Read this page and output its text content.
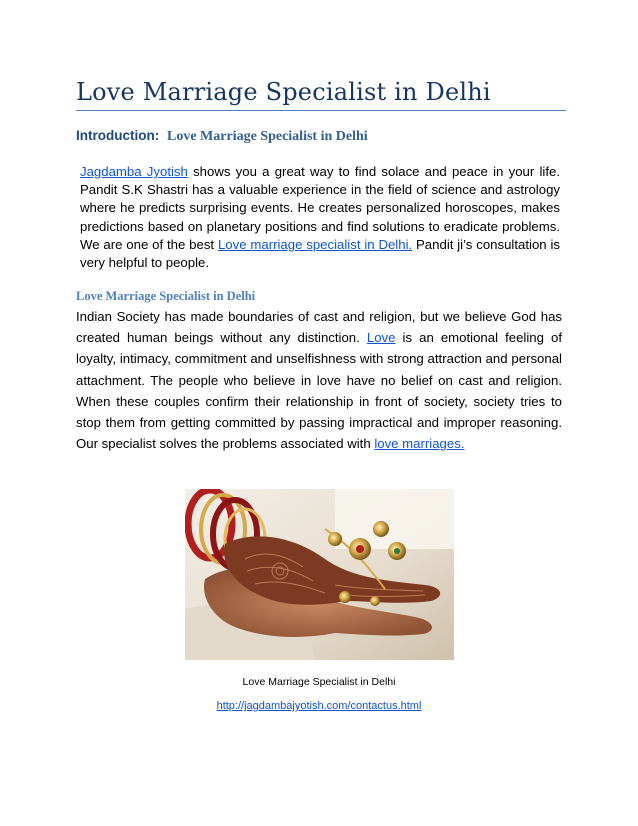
Love Marriage Specialist in Delhi
Introduction: Love Marriage Specialist in Delhi
Jagdamba Jyotish shows you a great way to find solace and peace in your life. Pandit S.K Shastri has a valuable experience in the field of science and astrology where he predicts surprising events. He creates personalized horoscopes, makes predictions based on planetary positions and find solutions to eradicate problems. We are one of the best Love marriage specialist in Delhi. Pandit ji’s consultation is very helpful to people.
Love Marriage Specialist in Delhi
Indian Society has made boundaries of cast and religion, but we believe God has created human beings without any distinction. Love is an emotional feeling of loyalty, intimacy, commitment and unselfishness with strong attraction and personal attachment. The people who believe in love have no belief on cast and religion. When these couples confirm their relationship in front of society, society tries to stop them from getting committed by passing impractical and improper reasoning. Our specialist solves the problems associated with love marriages.
Love Marriage Specialist in Delhi
http://jagdambajyotish.com/contactus.html
